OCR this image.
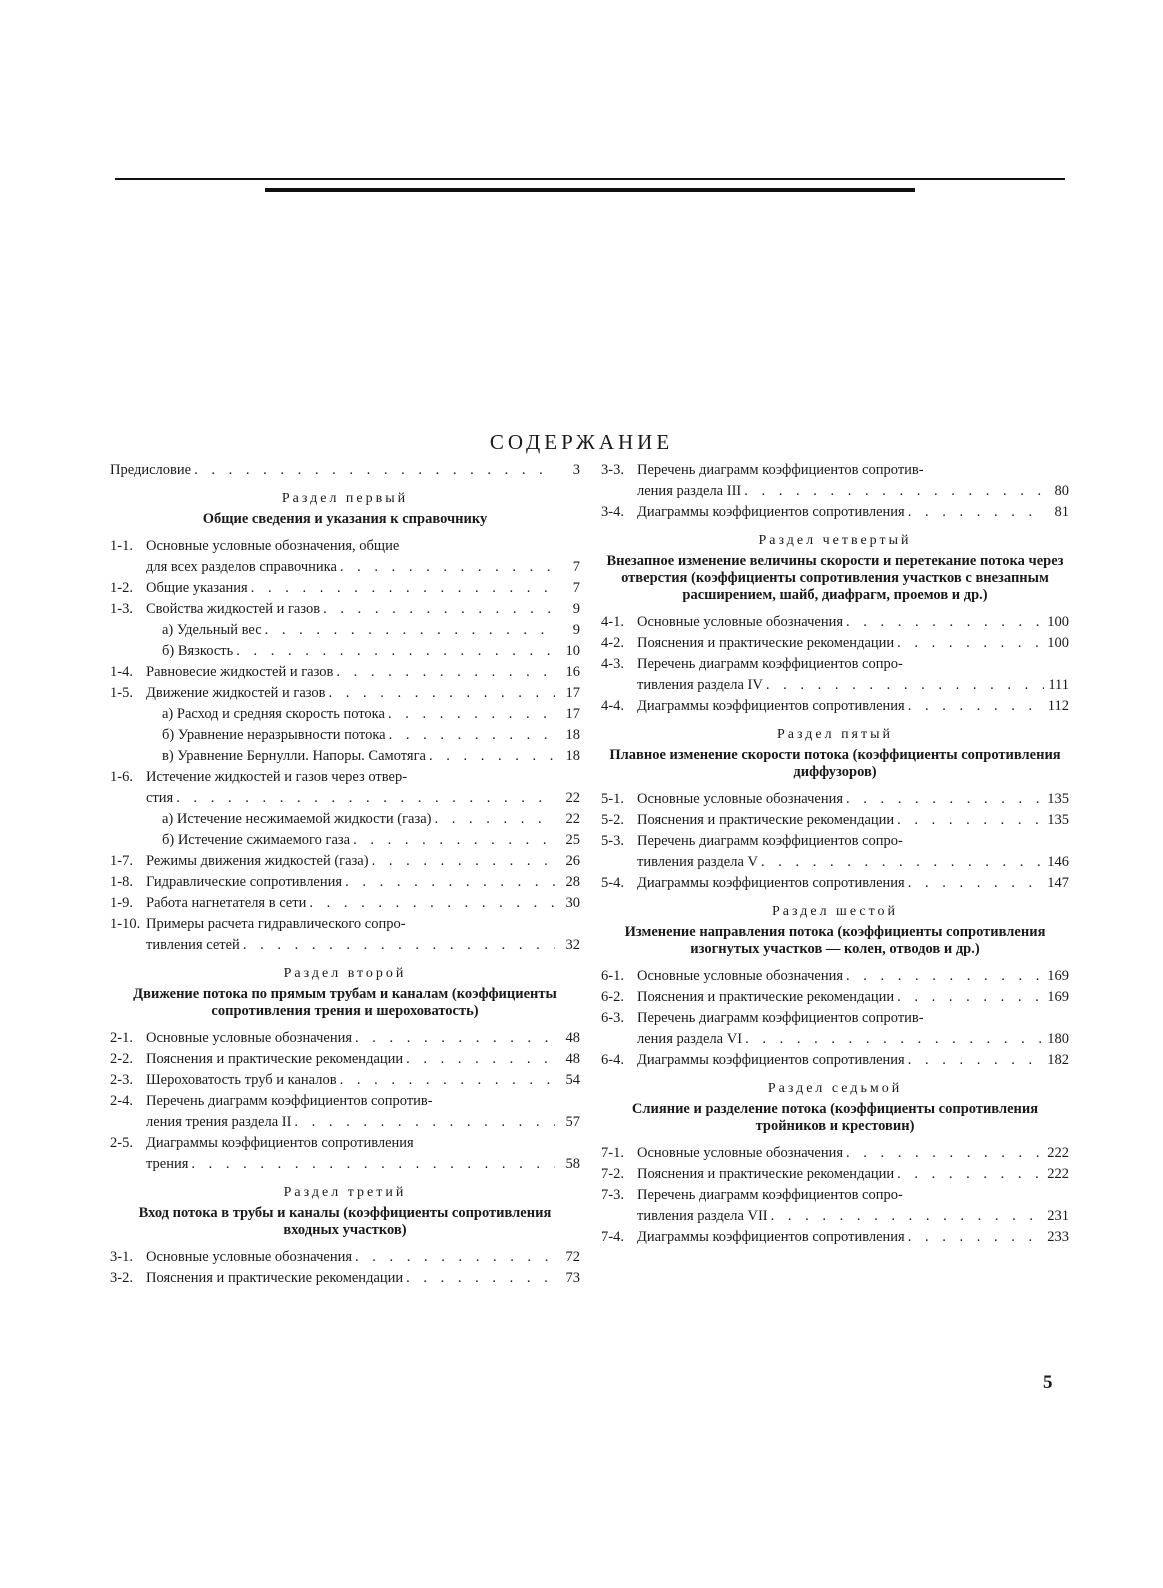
СОДЕРЖАНИЕ
Предисловие . . .	3
Раздел первый
Общие сведения и указания к справочнику
1-1. Основные условные обозначения, общие
для всех разделов справочника . . .	7
1-2. Общие указания . . .	7
1-3. Свойства жидкостей и газов . . .	9
а) Удельный вес . . .	9
б) Вязкость . . .	10
1-4. Равновесие жидкостей и газов . . .	16
1-5. Движение жидкостей и газов . . .	17
а) Расход и средняя скорость потока . . .	17
б) Уравнение неразрывности потока . . .	18
в) Уравнение Бернулли. Напоры. Самотяга . . .	18
1-6. Истечение жидкостей и газов через отвер-
стия . . .	22
а) Истечение несжимаемой жидкости (газа) . . .	22
б) Истечение сжимаемого газа . . .	25
1-7. Режимы движения жидкостей (газа) . . .	26
1-8. Гидравлические сопротивления . . .	28
1-9. Работа нагнетателя в сети . . .	30
1-10. Примеры расчета гидравлического сопро-
тивления сетей . . .	32
Раздел второй
Движение потока по прямым трубам и каналам (коэффициенты сопротивления трения и шероховатость)
2-1. Основные условные обозначения . . .	48
2-2. Пояснения и практические рекомендации . . .	48
2-3. Шероховатость труб и каналов . . .	54
2-4. Перечень диаграмм коэффициентов сопротив-
ления трения раздела II . . .	57
2-5. Диаграммы коэффициентов сопротивления
трения . . .	58
Раздел третий
Вход потока в трубы и каналы (коэффициенты сопротивления входных участков)
3-1. Основные условные обозначения . . .	72
3-2. Пояснения и практические рекомендации . . .	73
3-3. Перечень диаграмм коэффициентов сопротив-
ления раздела III . . .	80
3-4. Диаграммы коэффициентов сопротивления . . .	81
Раздел четвертый
Внезапное изменение величины скорости и перетекание потока через отверстия (коэффициенты сопротивления участков с внезапным расширением, шайб, диафрагм, проемов и др.)
4-1. Основные условные обозначения . . .	100
4-2. Пояснения и практические рекомендации . . .	100
4-3. Перечень диаграмм коэффициентов сопро-
тивления раздела IV . . .	111
4-4. Диаграммы коэффициентов сопротивления . . .	112
Раздел пятый
Плавное изменение скорости потока (коэффициенты сопротивления диффузоров)
5-1. Основные условные обозначения . . .	135
5-2. Пояснения и практические рекомендации . . .	135
5-3. Перечень диаграмм коэффициентов сопро-
тивления раздела V . . .	146
5-4. Диаграммы коэффициентов сопротивления . . .	147
Раздел шестой
Изменение направления потока (коэффициенты сопротивления изогнутых участков — колен, отводов и др.)
6-1. Основные условные обозначения . . .	169
6-2. Пояснения и практические рекомендации . . .	169
6-3. Перечень диаграмм коэффициентов сопротив-
ления раздела VI . . .	180
6-4. Диаграммы коэффициентов сопротивления . . .	182
Раздел седьмой
Слияние и разделение потока (коэффициенты сопротивления тройников и крестовин)
7-1. Основные условные обозначения . . .	222
7-2. Пояснения и практические рекомендации . . .	222
7-3. Перечень диаграмм коэффициентов сопро-
тивления раздела VII . . .	231
7-4. Диаграммы коэффициентов сопротивления . . .	233
5
